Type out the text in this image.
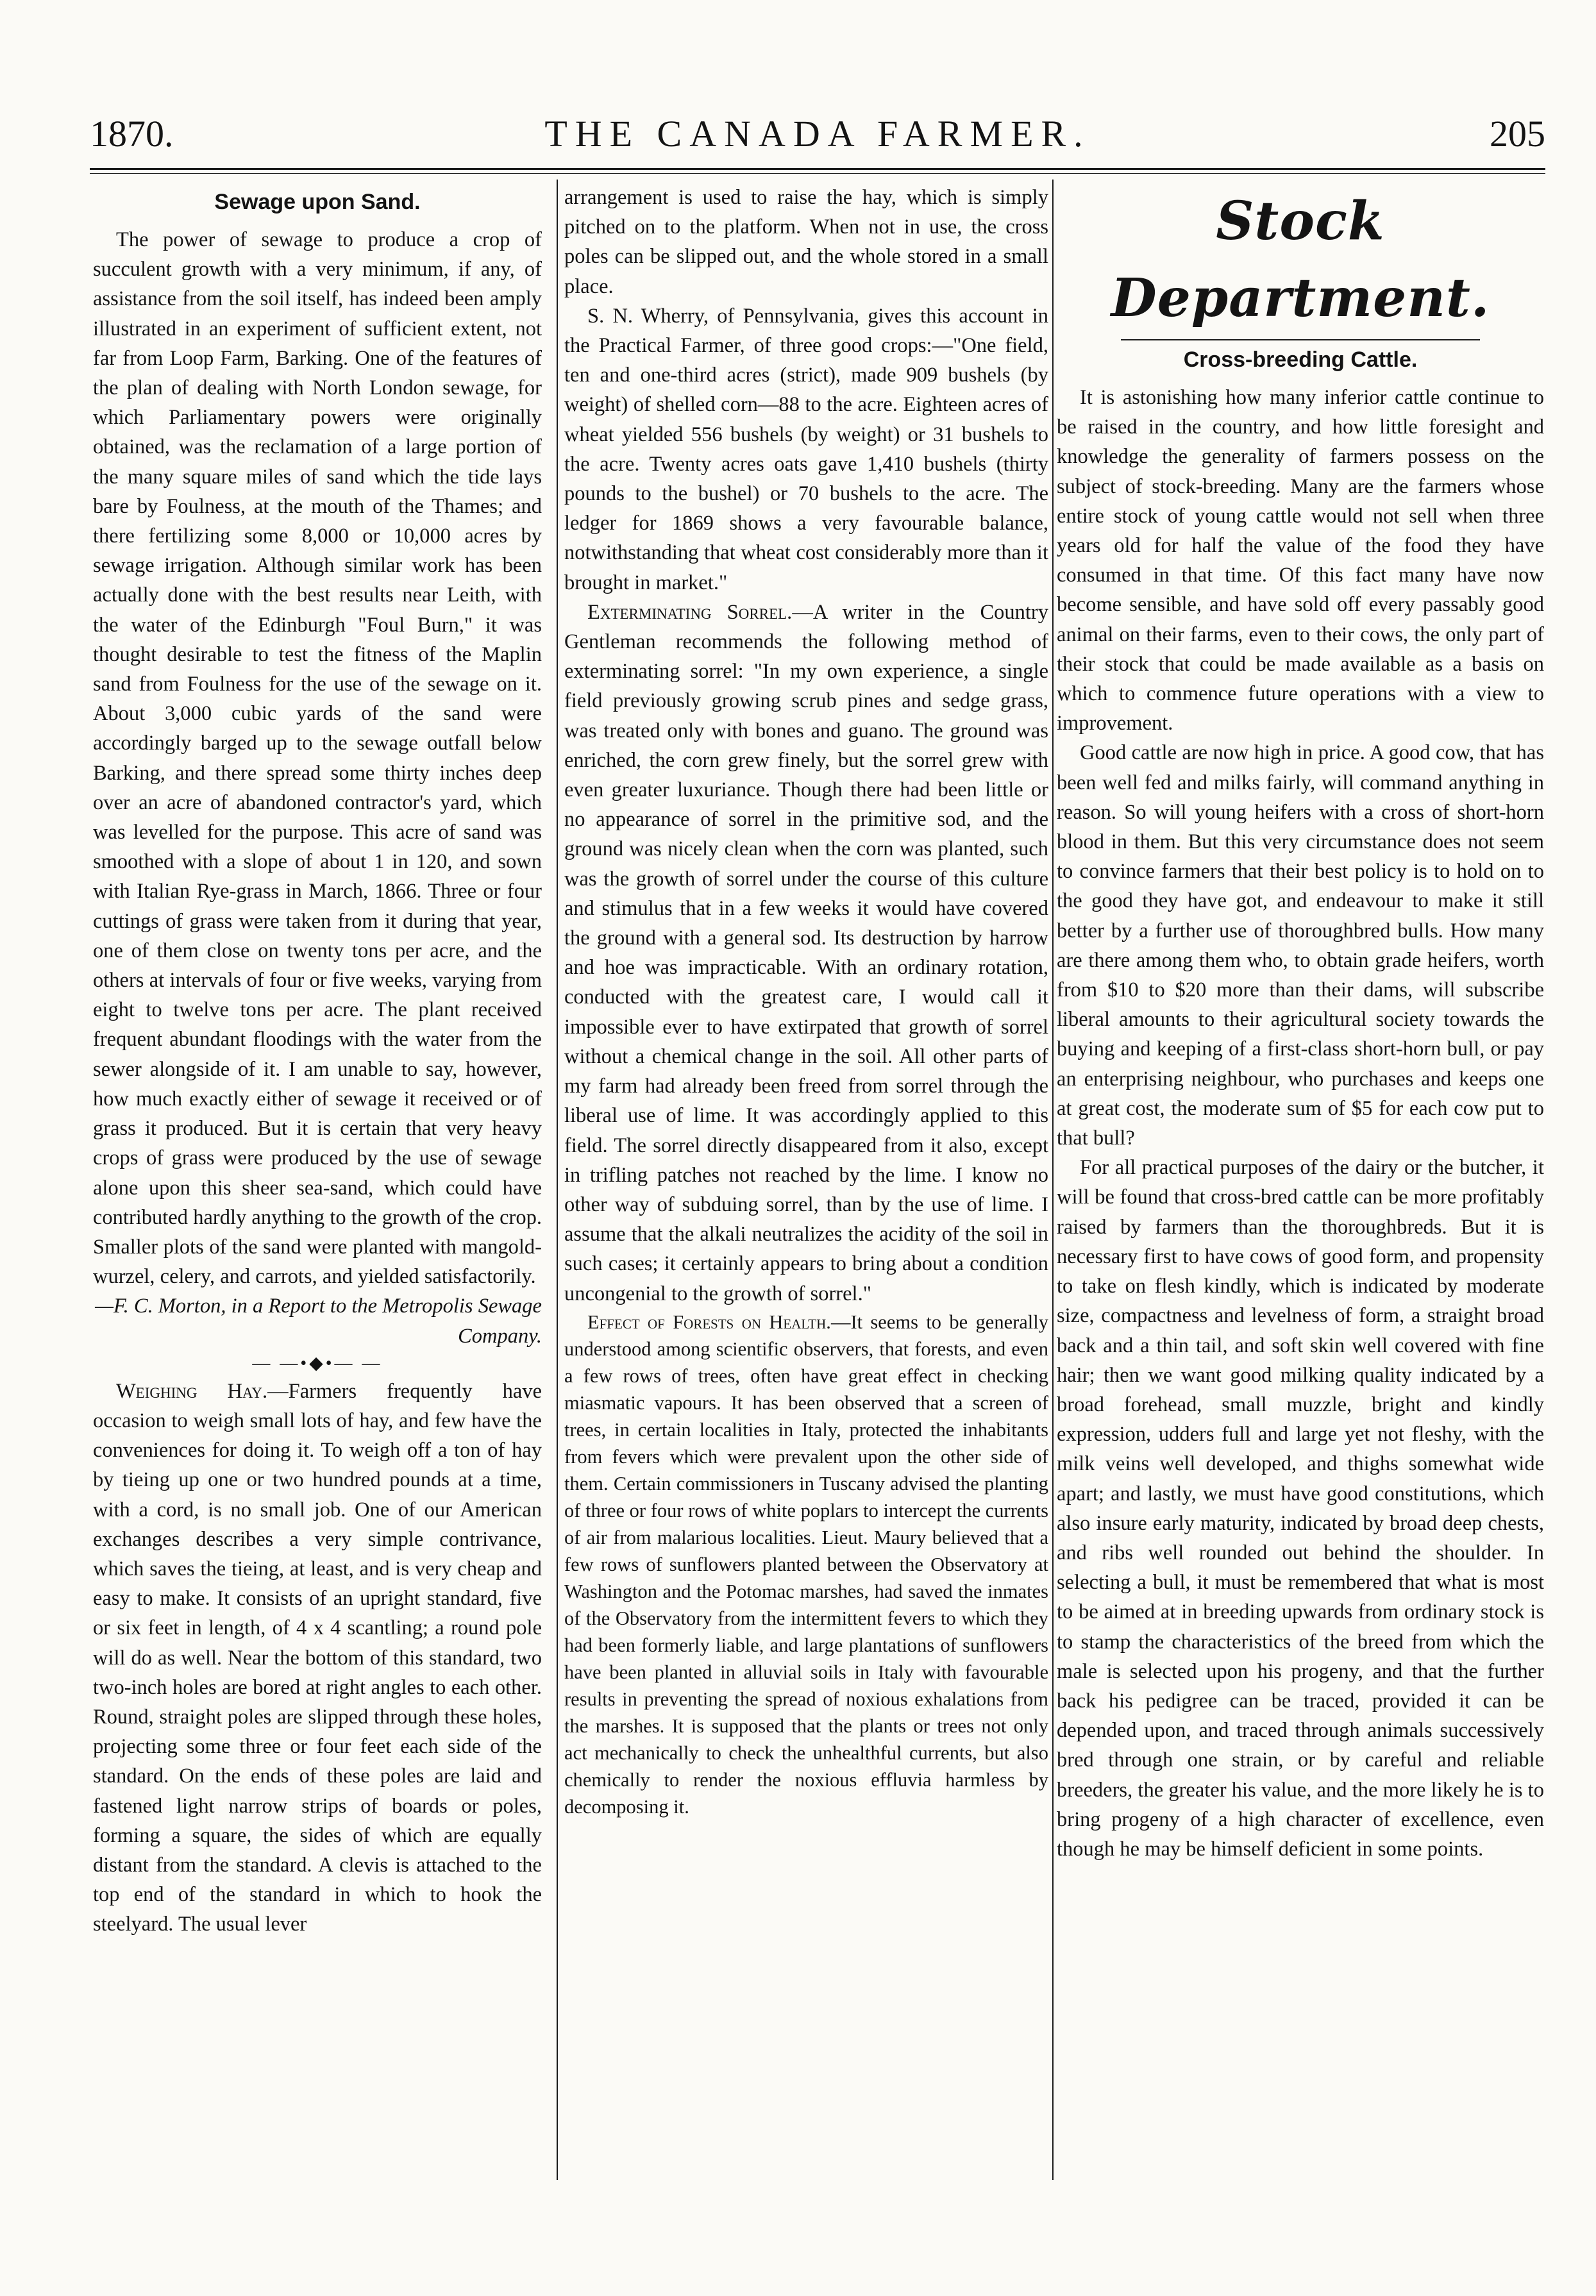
1870.	THE CANADA FARMER.	205
Sewage upon Sand.

The power of sewage to produce a crop of succulent growth with a very minimum, if any, of assistance from the soil itself, has indeed been amply illustrated in an experiment of sufficient extent, not far from Loop Farm, Barking. One of the features of the plan of dealing with North London sewage, for which Parliamentary powers were originally obtained, was the reclamation of a large portion of the many square miles of sand which the tide lays bare by Foulness, at the mouth of the Thames; and there fertilizing some 8,000 or 10,000 acres by sewage irrigation. Although similar work has been actually done with the best results near Leith, with the water of the Edinburgh "Foul Burn," it was thought desirable to test the fitness of the Maplin sand from Foulness for the use of the sewage on it. About 3,000 cubic yards of the sand were accordingly barged up to the sewage outfall below Barking, and there spread some thirty inches deep over an acre of abandoned contractor's yard, which was levelled for the purpose. This acre of sand was smoothed with a slope of about 1 in 120, and sown with Italian Rye-grass in March, 1866. Three or four cuttings of grass were taken from it during that year, one of them close on twenty tons per acre, and the others at intervals of four or five weeks, varying from eight to twelve tons per acre. The plant received frequent abundant floodings with the water from the sewer alongside of it. I am unable to say, however, how much exactly either of sewage it received or of grass it produced. But it is certain that very heavy crops of grass were produced by the use of sewage alone upon this sheer sea-sand, which could have contributed hardly anything to the growth of the crop. Smaller plots of the sand were planted with mangold-wurzel, celery, and carrots, and yielded satisfactorily.

—F. C. Morton, in a Report to the Metropolis Sewage Company.

— —•◆•— —

Weighing Hay.—Farmers frequently have occasion to weigh small lots of hay, and few have the conveniences for doing it. To weigh off a ton of hay by tieing up one or two hundred pounds at a time, with a cord, is no small job. One of our American exchanges describes a very simple contrivance, which saves the tieing, at least, and is very cheap and easy to make. It consists of an upright standard, five or six feet in length, of 4 x 4 scantling; a round pole will do as well. Near the bottom of this standard, two two-inch holes are bored at right angles to each other. Round, straight poles are slipped through these holes, projecting some three or four feet each side of the standard. On the ends of these poles are laid and fastened light narrow strips of boards or poles, forming a square, the sides of which are equally distant from the standard. A clevis is attached to the top end of the standard in which to hook the steelyard. The usual lever

arrangement is used to raise the hay, which is simply pitched on to the platform. When not in use, the cross poles can be slipped out, and the whole stored in a small place.

S. N. Wherry, of Pennsylvania, gives this account in the Practical Farmer, of three good crops:—"One field, ten and one-third acres (strict), made 909 bushels (by weight) of shelled corn—88 to the acre. Eighteen acres of wheat yielded 556 bushels (by weight) or 31 bushels to the acre. Twenty acres oats gave 1,410 bushels (thirty pounds to the bushel) or 70 bushels to the acre. The ledger for 1869 shows a very favourable balance, notwithstanding that wheat cost considerably more than it brought in market."

Exterminating Sorrel.—A writer in the Country Gentleman recommends the following method of exterminating sorrel: "In my own experience, a single field previously growing scrub pines and sedge grass, was treated only with bones and guano. The ground was enriched, the corn grew finely, but the sorrel grew with even greater luxuriance. Though there had been little or no appearance of sorrel in the primitive sod, and the ground was nicely clean when the corn was planted, such was the growth of sorrel under the course of this culture and stimulus that in a few weeks it would have covered the ground with a general sod. Its destruction by harrow and hoe was impracticable. With an ordinary rotation, conducted with the greatest care, I would call it impossible ever to have extirpated that growth of sorrel without a chemical change in the soil. All other parts of my farm had already been freed from sorrel through the liberal use of lime. It was accordingly applied to this field. The sorrel directly disappeared from it also, except in trifling patches not reached by the lime. I know no other way of subduing sorrel, than by the use of lime. I assume that the alkali neutralizes the acidity of the soil in such cases; it certainly appears to bring about a condition uncongenial to the growth of sorrel."

Effect of Forests on Health.—It seems to be generally understood among scientific observers, that forests, and even a few rows of trees, often have great effect in checking miasmatic vapours. It has been observed that a screen of trees, in certain localities in Italy, protected the inhabitants from fevers which were prevalent upon the other side of them. Certain commissioners in Tuscany advised the planting of three or four rows of white poplars to intercept the currents of air from malarious localities. Lieut. Maury believed that a few rows of sunflowers planted between the Observatory at Washington and the Potomac marshes, had saved the inmates of the Observatory from the intermittent fevers to which they had been formerly liable, and large plantations of sunflowers have been planted in alluvial soils in Italy with favourable results in preventing the spread of noxious exhalations from the marshes. It is supposed that the plants or trees not only act mechanically to check the unhealthful currents, but also chemically to render the noxious effluvia harmless by decomposing it.

Stock Department.
Cross-breeding Cattle.

It is astonishing how many inferior cattle continue to be raised in the country, and how little foresight and knowledge the generality of farmers possess on the subject of stock-breeding. Many are the farmers whose entire stock of young cattle would not sell when three years old for half the value of the food they have consumed in that time. Of this fact many have now become sensible, and have sold off every passably good animal on their farms, even to their cows, the only part of their stock that could be made available as a basis on which to commence future operations with a view to improvement.

Good cattle are now high in price. A good cow, that has been well fed and milks fairly, will command anything in reason. So will young heifers with a cross of short-horn blood in them. But this very circumstance does not seem to convince farmers that their best policy is to hold on to the good they have got, and endeavour to make it still better by a further use of thoroughbred bulls. How many are there among them who, to obtain grade heifers, worth from $10 to $20 more than their dams, will subscribe liberal amounts to their agricultural society towards the buying and keeping of a first-class short-horn bull, or pay an enterprising neighbour, who purchases and keeps one at great cost, the moderate sum of $5 for each cow put to that bull?

For all practical purposes of the dairy or the butcher, it will be found that cross-bred cattle can be more profitably raised by farmers than the thoroughbreds. But it is necessary first to have cows of good form, and propensity to take on flesh kindly, which is indicated by moderate size, compactness and levelness of form, a straight broad back and a thin tail, and soft skin well covered with fine hair; then we want good milking quality indicated by a broad forehead, small muzzle, bright and kindly expression, udders full and large yet not fleshy, with the milk veins well developed, and thighs somewhat wide apart; and lastly, we must have good constitutions, which also insure early maturity, indicated by broad deep chests, and ribs well rounded out behind the shoulder. In selecting a bull, it must be remembered that what is most to be aimed at in breeding upwards from ordinary stock is to stamp the characteristics of the breed from which the male is selected upon his progeny, and that the further back his pedigree can be traced, provided it can be depended upon, and traced through animals successively bred through one strain, or by careful and reliable breeders, the greater his value, and the more likely he is to bring progeny of a high character of excellence, even though he may be himself deficient in some points.
